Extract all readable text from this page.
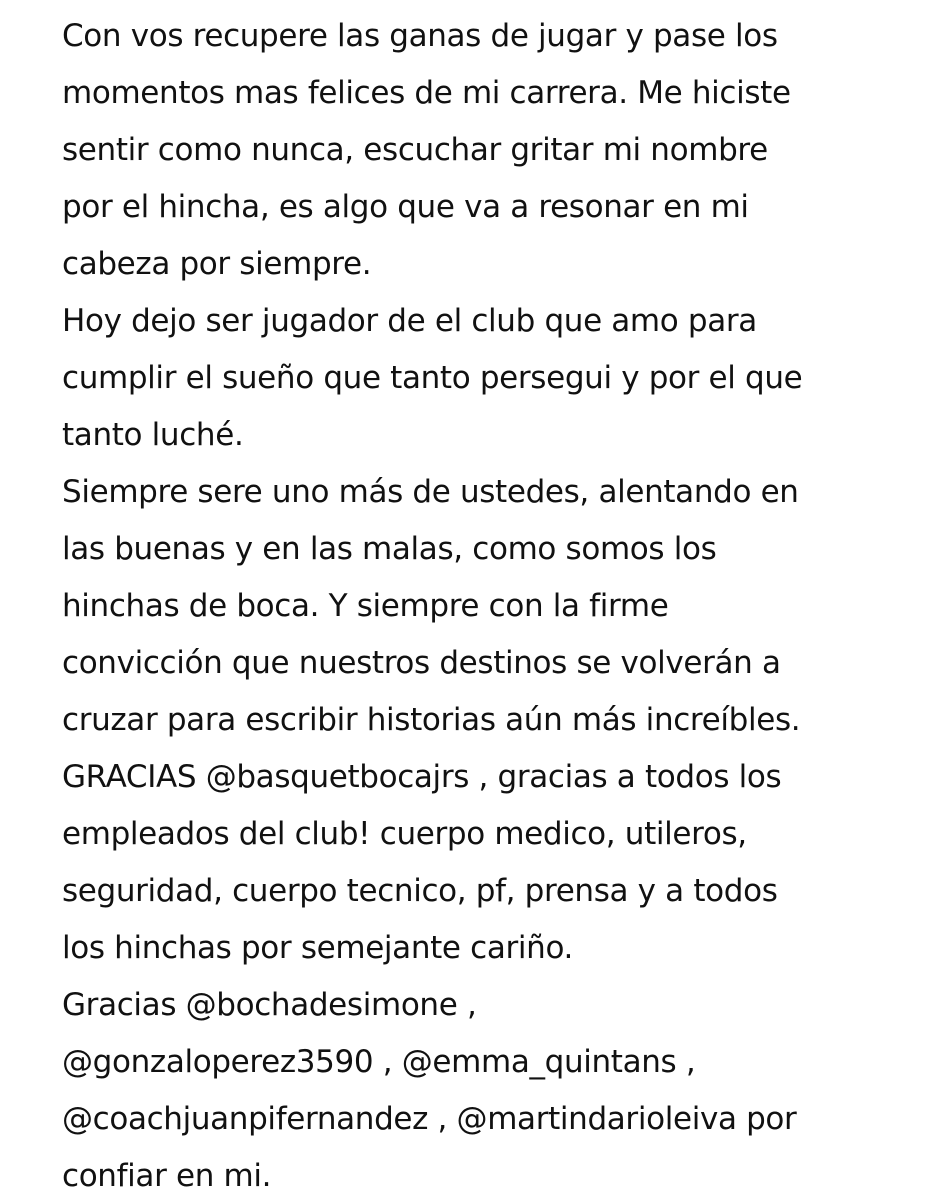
Con vos recupere las ganas de jugar y pase los
momentos mas felices de mi carrera. Me hiciste
sentir como nunca, escuchar gritar mi nombre
por el hincha, es algo que va a resonar en mi
cabeza por siempre.
Hoy dejo ser jugador de el club que amo para
cumplir el sueño que tanto persegui y por el que
tanto luché.
Siempre sere uno más de ustedes, alentando en
las buenas y en las malas, como somos los
hinchas de boca. Y siempre con la firme
convicción que nuestros destinos se volverán a
cruzar para escribir historias aún más increíbles.
GRACIAS @basquetbocajrs , gracias a todos los
empleados del club! cuerpo medico, utileros,
seguridad, cuerpo tecnico, pf, prensa y a todos
los hinchas por semejante cariño.
Gracias @bochadesimone ,
@gonzaloperez3590 , @emma_quintans ,
@coachjuanpifernandez , @martindarioleiva por
confiar en mi.
